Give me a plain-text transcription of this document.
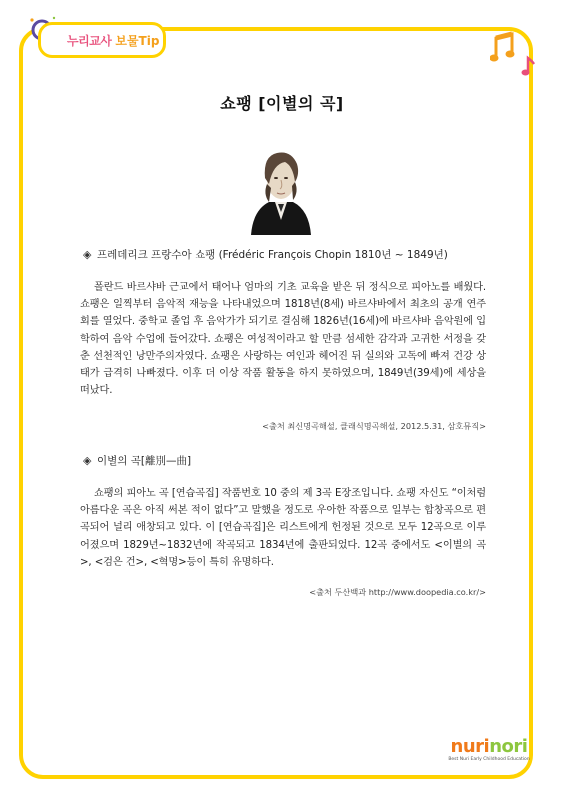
누리교사 보물Tip
쇼팽 [이별의 곡]
◈ 프레데리크 프랑수아 쇼팽 (Frédéric François Chopin 1810년 ~ 1849년)
폴란드 바르샤바 근교에서 태어나 엄마의 기초 교육을 받은 뒤 정식으로 피아노를 배웠다. 쇼팽은 일찍부터 음악적 재능을 나타내었으며 1818년(8세) 바르샤바에서 최초의 공개 연주회를 열었다. 중학교 졸업 후 음악가가 되기로 결심해 1826년(16세)에 바르샤바 음악원에 입학하여 음악 수업에 들어갔다. 쇼팽은 여성적이라고 할 만큼 섬세한 감각과 고귀한 서정을 갖춘 선천적인 낭만주의자였다. 쇼팽은 사랑하는 여인과 헤어진 뒤 실의와 고독에 빠져 건강 상태가 급격히 나빠졌다. 이후 더 이상 작품 활동을 하지 못하였으며, 1849년(39세)에 세상을 떠났다.
<출처 최신명곡해설, 클래식명곡해설, 2012.5.31, 삼호뮤직>
◈ 이별의 곡[離別—曲]
쇼팽의 피아노 곡 [연습곡집] 작품번호 10 중의 제 3곡 E장조입니다. 쇼팽 자신도 “이처럼 아름다운 곡은 아직 써본 적이 없다”고 말했을 정도로 우아한 작품으로 일부는 합창곡으로 편곡되어 널리 애창되고 있다. 이 [연습곡집]은 리스트에게 헌정된 것으로 모두 12곡으로 이루어졌으며 1829년~1832년에 작곡되고 1834년에 출판되었다. 12곡 중에서도 <이별의 곡>, <검은 건>, <혁명>등이 특히 유명하다.
<출처 두산백과 http://www.doopedia.co.kr/>
nurinori
Best Nuri Early Childhood Education
